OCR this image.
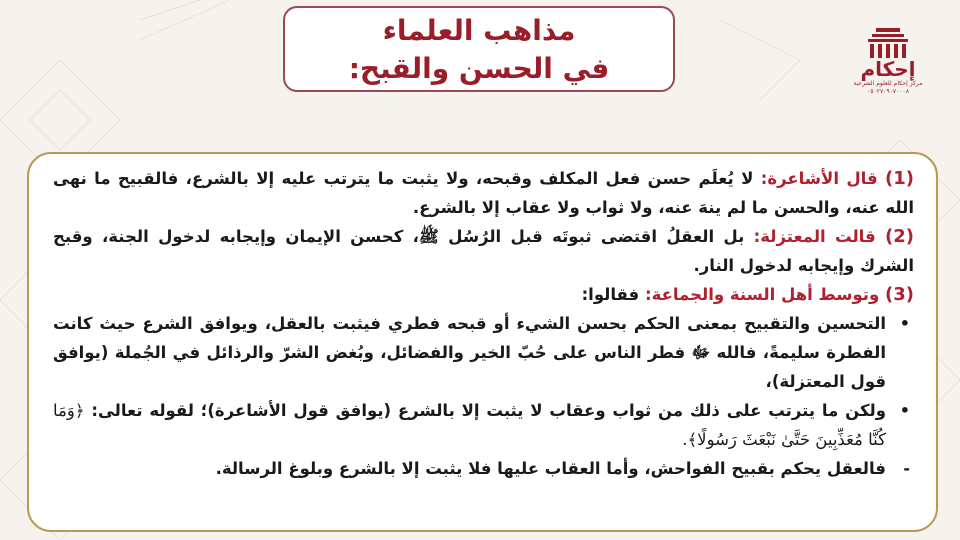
مذاهب العلماء
في الحسن والقبح:	إحكام
مركز إحكام للعلوم الشرعية
٠٥٠٢٧٠٩٠٧٠٠٠٨

(1) قال الأشاعرة: لا يُعلَم حسن فعل المكلف وقبحه، ولا يثبت ما يترتب عليه إلا بالشرع، فالقبيح ما نهى الله عنه، والحسن ما لم ينهَ عنه، ولا ثواب ولا عقاب إلا بالشرع.

(2) قالت المعتزلة: بل العقلُ اقتضى ثبوتَه قبل الرُسُل ﷺ، كحسن الإيمان وإيجابه لدخول الجنة، وقبح الشرك وإيجابه لدخول النار.

(3) وتوسط أهل السنة والجماعة: فقالوا:

•
التحسين والتقبيح بمعنى الحكم بحسن الشيء أو قبحه فطري فيثبت بالعقل، ويوافق الشرع حيث كانت الفطرة سليمةً، فالله ﷻ فطر الناس على حُبّ الخير والفضائل، وبُغض الشرّ والرذائل في الجُملة (يوافق قول المعتزلة)،

•
ولكن ما يترتب على ذلك من ثواب وعقاب لا يثبت إلا بالشرع (يوافق قول الأشاعرة)؛ لقوله تعالى: ﴿وَمَا كُنَّا مُعَذِّبِينَ حَتَّىٰ نَبْعَثَ رَسُولًا﴾.

-
فالعقل يحكم بقبيح الفواحش، وأما العقاب عليها فلا يثبت إلا بالشرع وبلوغ الرسالة.
